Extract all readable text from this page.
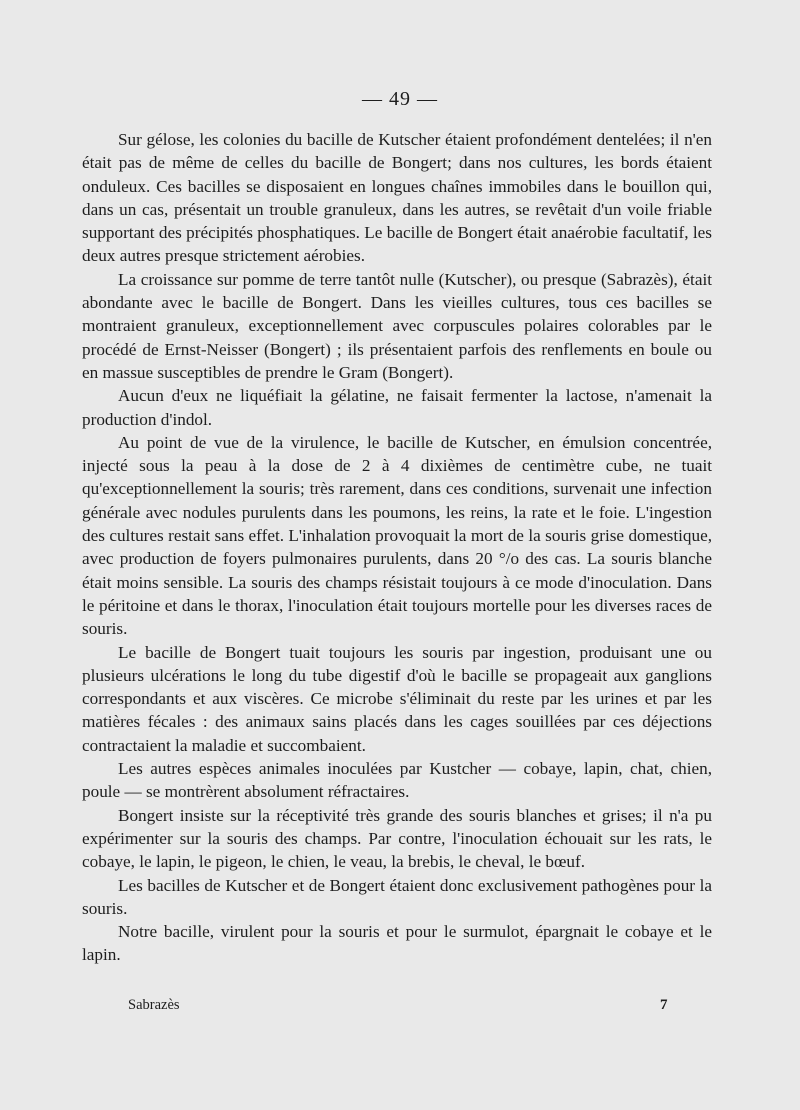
— 49 —

Sur gélose, les colonies du bacille de Kutscher étaient profondément dentelées; il n'en était pas de même de celles du bacille de Bongert; dans nos cultures, les bords étaient onduleux. Ces bacilles se disposaient en longues chaînes immobiles dans le bouillon qui, dans un cas, présentait un trouble granuleux, dans les autres, se revêtait d'un voile friable supportant des précipités phosphatiques. Le bacille de Bongert était anaérobie facultatif, les deux autres presque strictement aérobies.

La croissance sur pomme de terre tantôt nulle (Kutscher), ou presque (Sabrazès), était abondante avec le bacille de Bongert. Dans les vieilles cultures, tous ces bacilles se montraient granuleux, exceptionnellement avec corpuscules polaires colorables par le procédé de Ernst-Neisser (Bongert) ; ils présentaient parfois des renflements en boule ou en massue susceptibles de prendre le Gram (Bongert).

Aucun d'eux ne liquéfiait la gélatine, ne faisait fermenter la lactose, n'amenait la production d'indol.

Au point de vue de la virulence, le bacille de Kutscher, en émulsion concentrée, injecté sous la peau à la dose de 2 à 4 dixièmes de centimètre cube, ne tuait qu'exceptionnellement la souris; très rarement, dans ces conditions, survenait une infection générale avec nodules purulents dans les poumons, les reins, la rate et le foie. L'ingestion des cultures restait sans effet. L'inhalation provoquait la mort de la souris grise domestique, avec production de foyers pulmonaires purulents, dans 20 °/o des cas. La souris blanche était moins sensible. La souris des champs résistait toujours à ce mode d'inoculation. Dans le péritoine et dans le thorax, l'inoculation était toujours mortelle pour les diverses races de souris.

Le bacille de Bongert tuait toujours les souris par ingestion, produisant une ou plusieurs ulcérations le long du tube digestif d'où le bacille se propageait aux ganglions correspondants et aux viscères. Ce microbe s'éliminait du reste par les urines et par les matières fécales : des animaux sains placés dans les cages souillées par ces déjections contractaient la maladie et succombaient.

Les autres espèces animales inoculées par Kustcher — cobaye, lapin, chat, chien, poule — se montrèrent absolument réfractaires.

Bongert insiste sur la réceptivité très grande des souris blanches et grises; il n'a pu expérimenter sur la souris des champs. Par contre, l'inoculation échouait sur les rats, le cobaye, le lapin, le pigeon, le chien, le veau, la brebis, le cheval, le bœuf.

Les bacilles de Kutscher et de Bongert étaient donc exclusivement pathogènes pour la souris.

Notre bacille, virulent pour la souris et pour le surmulot, épargnait le cobaye et le lapin.

Sabrazès	7
